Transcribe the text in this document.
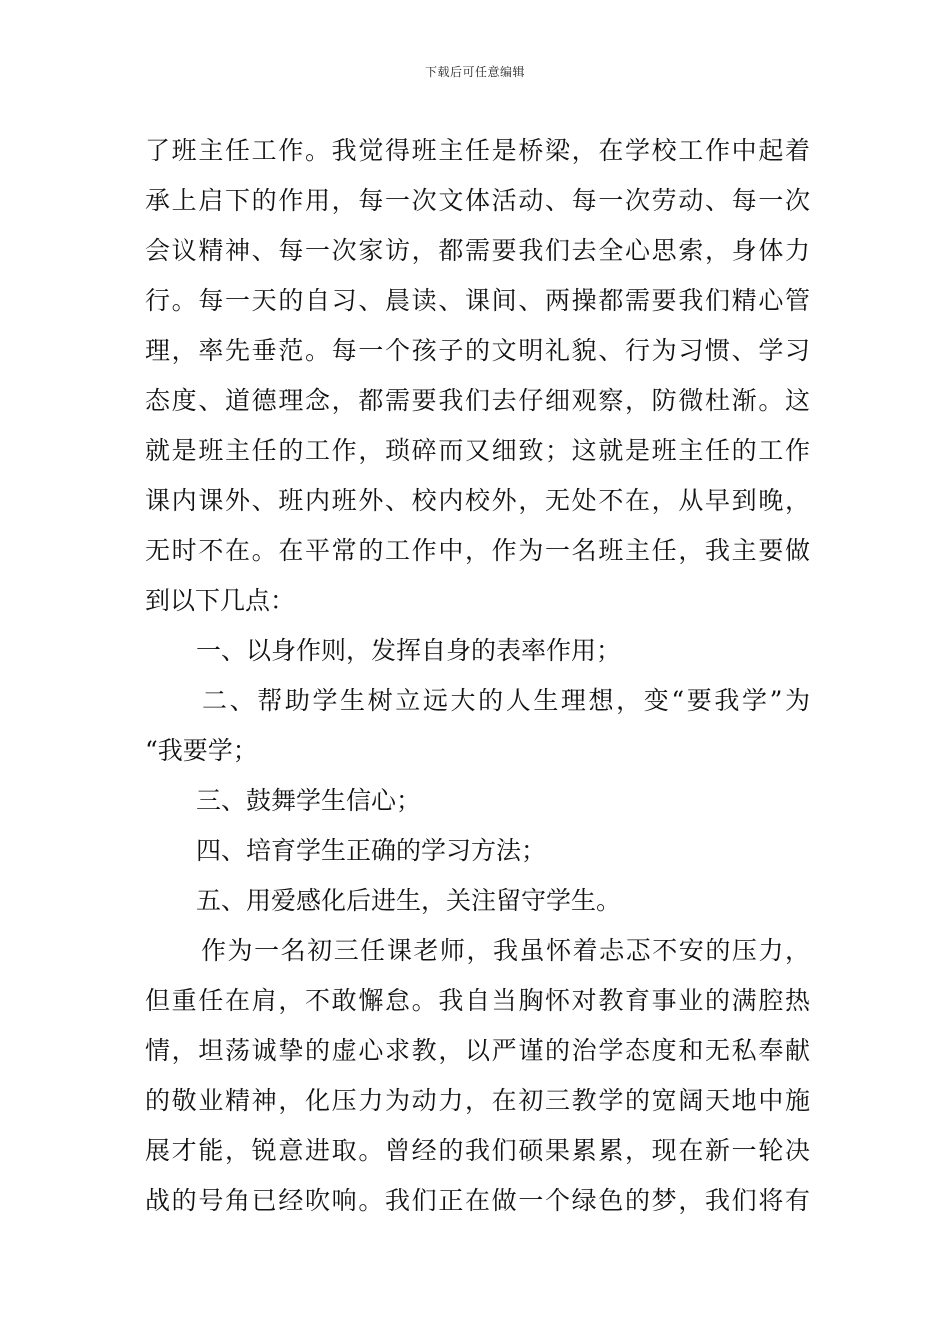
下载后可任意编辑
了班主任工作。我觉得班主任是桥梁，在学校工作中起着
承上启下的作用，每一次文体活动、每一次劳动、每一次
会议精神、每一次家访，都需要我们去全心思索，身体力
行。每一天的自习、晨读、课间、两操都需要我们精心管
理，率先垂范。每一个孩子的文明礼貌、行为习惯、学习
态度、道德理念，都需要我们去仔细观察，防微杜渐。这
就是班主任的工作，琐碎而又细致；这就是班主任的工作
课内课外、班内班外、校内校外，无处不在，从早到晚，
无时不在。在平常的工作中，作为一名班主任，我主要做
到以下几点：
一、以身作则，发挥自身的表率作用；
二、帮助学生树立远大的人生理想，变“要我学”为
“我要学；
三、鼓舞学生信心；
四、培育学生正确的学习方法；
五、用爱感化后进生，关注留守学生。
作为一名初三任课老师，我虽怀着忐忑不安的压力，
但重任在肩，不敢懈怠。我自当胸怀对教育事业的满腔热
情，坦荡诚挚的虚心求教，以严谨的治学态度和无私奉献
的敬业精神，化压力为动力，在初三教学的宽阔天地中施
展才能，锐意进取。曾经的我们硕果累累，现在新一轮决
战的号角已经吹响。我们正在做一个绿色的梦，我们将有
